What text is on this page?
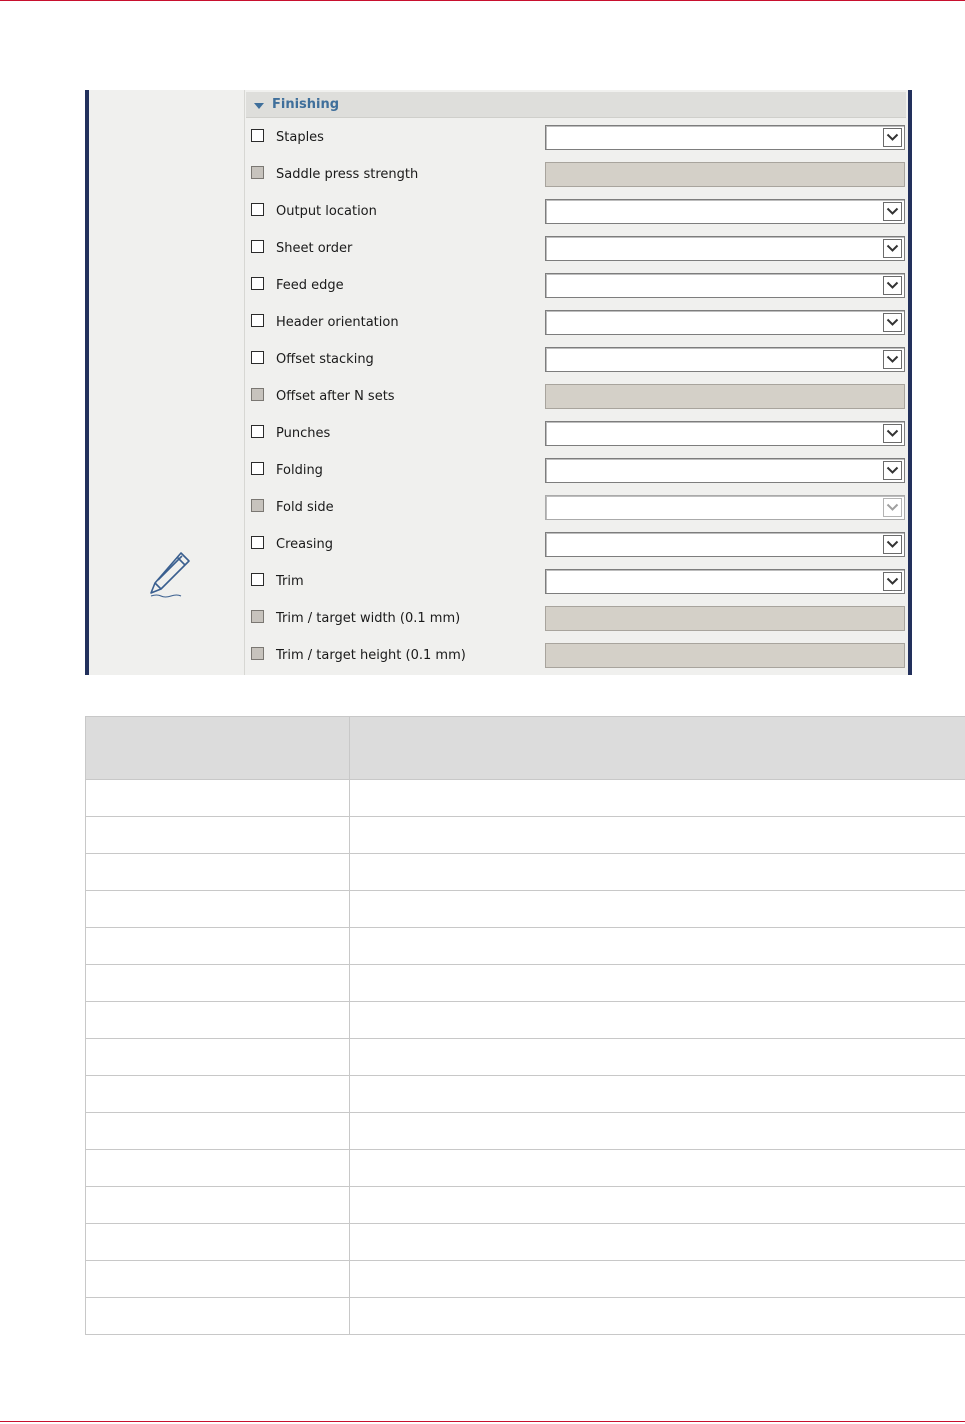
Finishing
Staples
Saddle press strength
Output location
Sheet order
Feed edge
Header orientation
Offset stacking
Offset after N sets
Punches
Folding
Fold side
Creasing
Trim
Trim / target width (0.1 mm)
Trim / target height (0.1 mm)
